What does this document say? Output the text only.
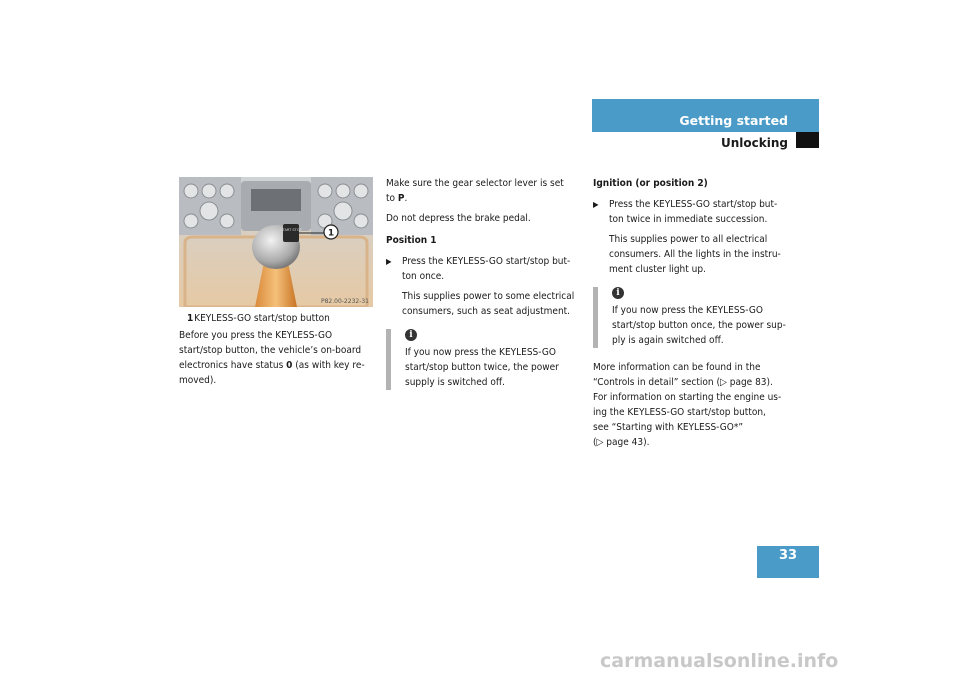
Getting started
Unlocking
START STOP	1
P82.00-2232-31

1 KEYLESS-GO start/stop button

Before you press the KEYLESS-GO

start/stop button, the vehicle’s on-board

electronics have status 0 (as with key re-

moved).

Make sure the gear selector lever is set

to P.

Do not depress the brake pedal.

Position 1

▶ Press the KEYLESS-GO start/stop but-

ton once.

This supplies power to some electrical

consumers, such as seat adjustment.

i

If you now press the KEYLESS-GO

start/stop button twice, the power

supply is switched off.

Ignition (or position 2)

▶ Press the KEYLESS-GO start/stop but-

ton twice in immediate succession.

This supplies power to all electrical

consumers. All the lights in the instru-

ment cluster light up.

i

If you now press the KEYLESS-GO

start/stop button once, the power sup-

ply is again switched off.

More information can be found in the

“Controls in detail” section (▷ page 83).

For information on starting the engine us-

ing the KEYLESS-GO start/stop button,

see “Starting with KEYLESS-GO*”

(▷ page 43).

33
carmanualsonline.info
